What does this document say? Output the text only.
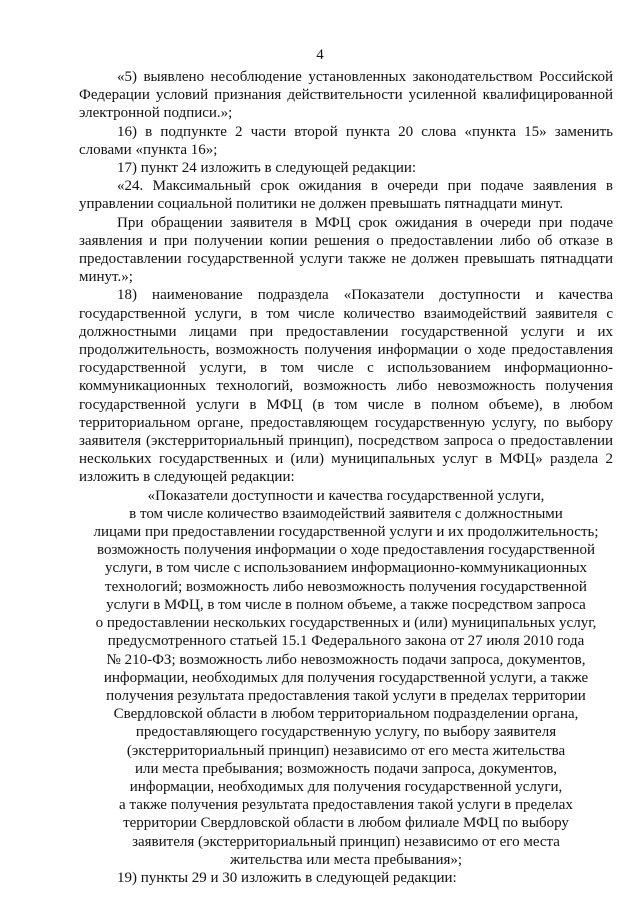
4

«5) выявлено несоблюдение установленных законодательством Российской Федерации условий признания действительности усиленной квалифицированной электронной подписи.»;

16) в подпункте 2 части второй пункта 20 слова «пункта 15» заменить словами «пункта 16»;

17) пункт 24 изложить в следующей редакции:

«24. Максимальный срок ожидания в очереди при подаче заявления в управлении социальной политики не должен превышать пятнадцати минут.

При обращении заявителя в МФЦ срок ожидания в очереди при подаче заявления и при получении копии решения о предоставлении либо об отказе в предоставлении государственной услуги также не должен превышать пятнадцати минут.»;

18) наименование подраздела «Показатели доступности и качества государственной услуги, в том числе количество взаимодействий заявителя с должностными лицами при предоставлении государственной услуги и их продолжительность, возможность получения информации о ходе предоставления государственной услуги, в том числе с использованием информационно-коммуникационных технологий, возможность либо невозможность получения государственной услуги в МФЦ (в том числе в полном объеме), в любом территориальном органе, предоставляющем государственную услугу, по выбору заявителя (экстерриториальный принцип), посредством запроса о предоставлении нескольких государственных и (или) муниципальных услуг в МФЦ» раздела 2 изложить в следующей редакции:

«Показатели доступности и качества государственной услуги,
в том числе количество взаимодействий заявителя с должностными
лицами при предоставлении государственной услуги и их продолжительность;
возможность получения информации о ходе предоставления государственной
услуги, в том числе с использованием информационно-коммуникационных
технологий; возможность либо невозможность получения государственной
услуги в МФЦ, в том числе в полном объеме, а также посредством запроса
о предоставлении нескольких государственных и (или) муниципальных услуг,
предусмотренного статьей 15.1 Федерального закона от 27 июля 2010 года
№ 210-ФЗ; возможность либо невозможность подачи запроса, документов,
информации, необходимых для получения государственной услуги, а также
получения результата предоставления такой услуги в пределах территории
Свердловской области в любом территориальном подразделении органа,
предоставляющего государственную услугу, по выбору заявителя
(экстерриториальный принцип) независимо от его места жительства
или места пребывания; возможность подачи запроса, документов,
информации, необходимых для получения государственной услуги,
а также получения результата предоставления такой услуги в пределах
территории Свердловской области в любом филиале МФЦ по выбору
заявителя (экстерриториальный принцип) независимо от его места
жительства или места пребывания»;

19) пункты 29 и 30 изложить в следующей редакции:
